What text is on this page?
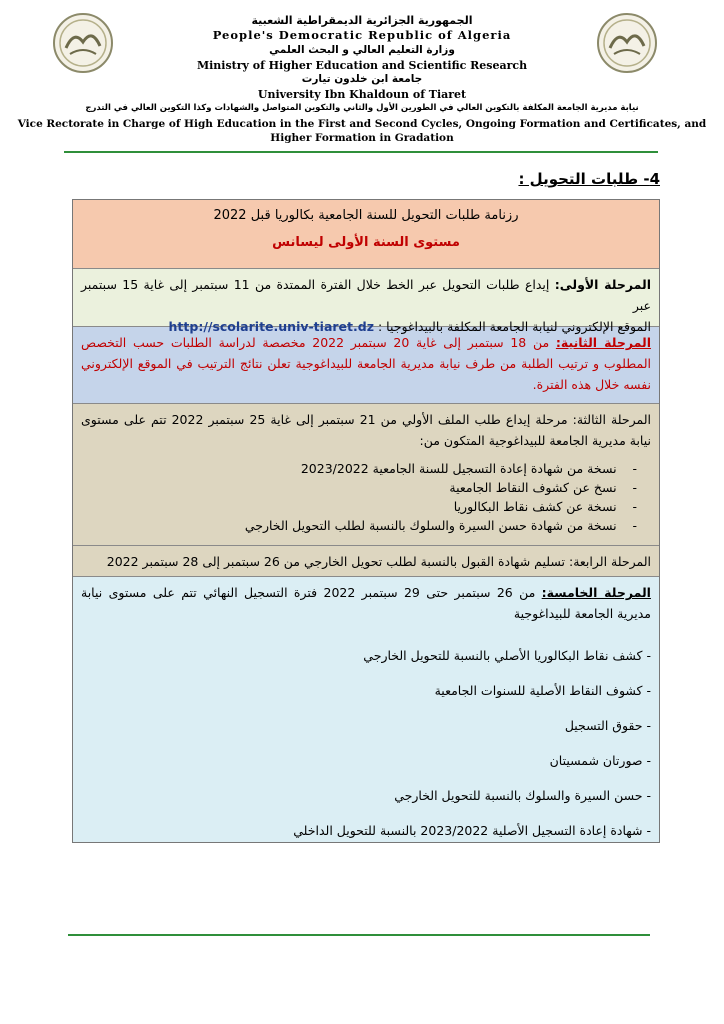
الجمهورية الجزائرية الديمقراطية الشعبية
People's Democratic Republic of Algeria
وزارة التعليم العالي و البحث العلمي
Ministry of Higher Education and Scientific Research
جامعة ابن خلدون تيارت
University Ibn Khaldoun of Tiaret
نيابة مديرية الجامعة المكلفة بالتكوين العالي في الطورين الأول والثاني والتكوين المتواصل والشهادات وكذا التكوين العالي في التدرج
Vice Rectorate in Charge of High Education in the First and Second Cycles, Ongoing Formation and Certificates, and
Higher Formation in Gradation
4- طلبات التحويل :
رزنامة طلبات التحويل للسنة الجامعية بكالوريا قبل 2022
مستوى السنة الأولى ليسانس
المرحلة الأولى: إيداع طلبات التحويل عبر الخط خلال الفترة الممتدة من 11 سبتمبر إلى غاية 15 سبتمبر عبر
الموقع الإلكتروني لنيابة الجامعة المكلفة بالبيداغوجيا : http://scolarite.univ-tiaret.dz
المرحلة الثانية: من 18 سبتمبر إلى غاية 20 سبتمبر 2022 مخصصة لدراسة الطلبات حسب التخصص المطلوب و ترتيب الطلبة من طرف نيابة مديرية الجامعة للبيداغوجية تعلن نتائج الترتيب في الموقع الإلكتروني نفسه خلال هذه الفترة.
المرحلة الثالثة: مرحلة إيداع طلب الملف الأولي من 21 سبتمبر إلى غاية 25 سبتمبر 2022 تتم على مستوى نيابة مديرية الجامعة للبيداغوجية المتكون من:
-    نسخة من شهادة إعادة التسجيل للسنة الجامعية 2023/2022
-    نسخ عن كشوف النقاط الجامعية
-    نسخة عن كشف نقاط البكالوريا
-    نسخة من شهادة حسن السيرة والسلوك بالنسبة لطلب التحويل الخارجي
المرحلة الرابعة: تسليم شهادة القبول بالنسبة لطلب تحويل الخارجي من 26 سبتمبر إلى 28 سبتمبر 2022
المرحلة الخامسة: من 26 سبتمبر حتى 29 سبتمبر 2022 فترة التسجيل النهائي تتم على مستوى نيابة مديرية الجامعة للبيداغوجية
- كشف نقاط البكالوريا الأصلي بالنسبة للتحويل الخارجي
- كشوف النقاط الأصلية للسنوات الجامعية
- حقوق التسجيل
- صورتان شمسيتان
- حسن السيرة والسلوك بالنسبة للتحويل الخارجي
- شهادة إعادة التسجيل الأصلية 2023/2022 بالنسبة للتحويل الداخلي
